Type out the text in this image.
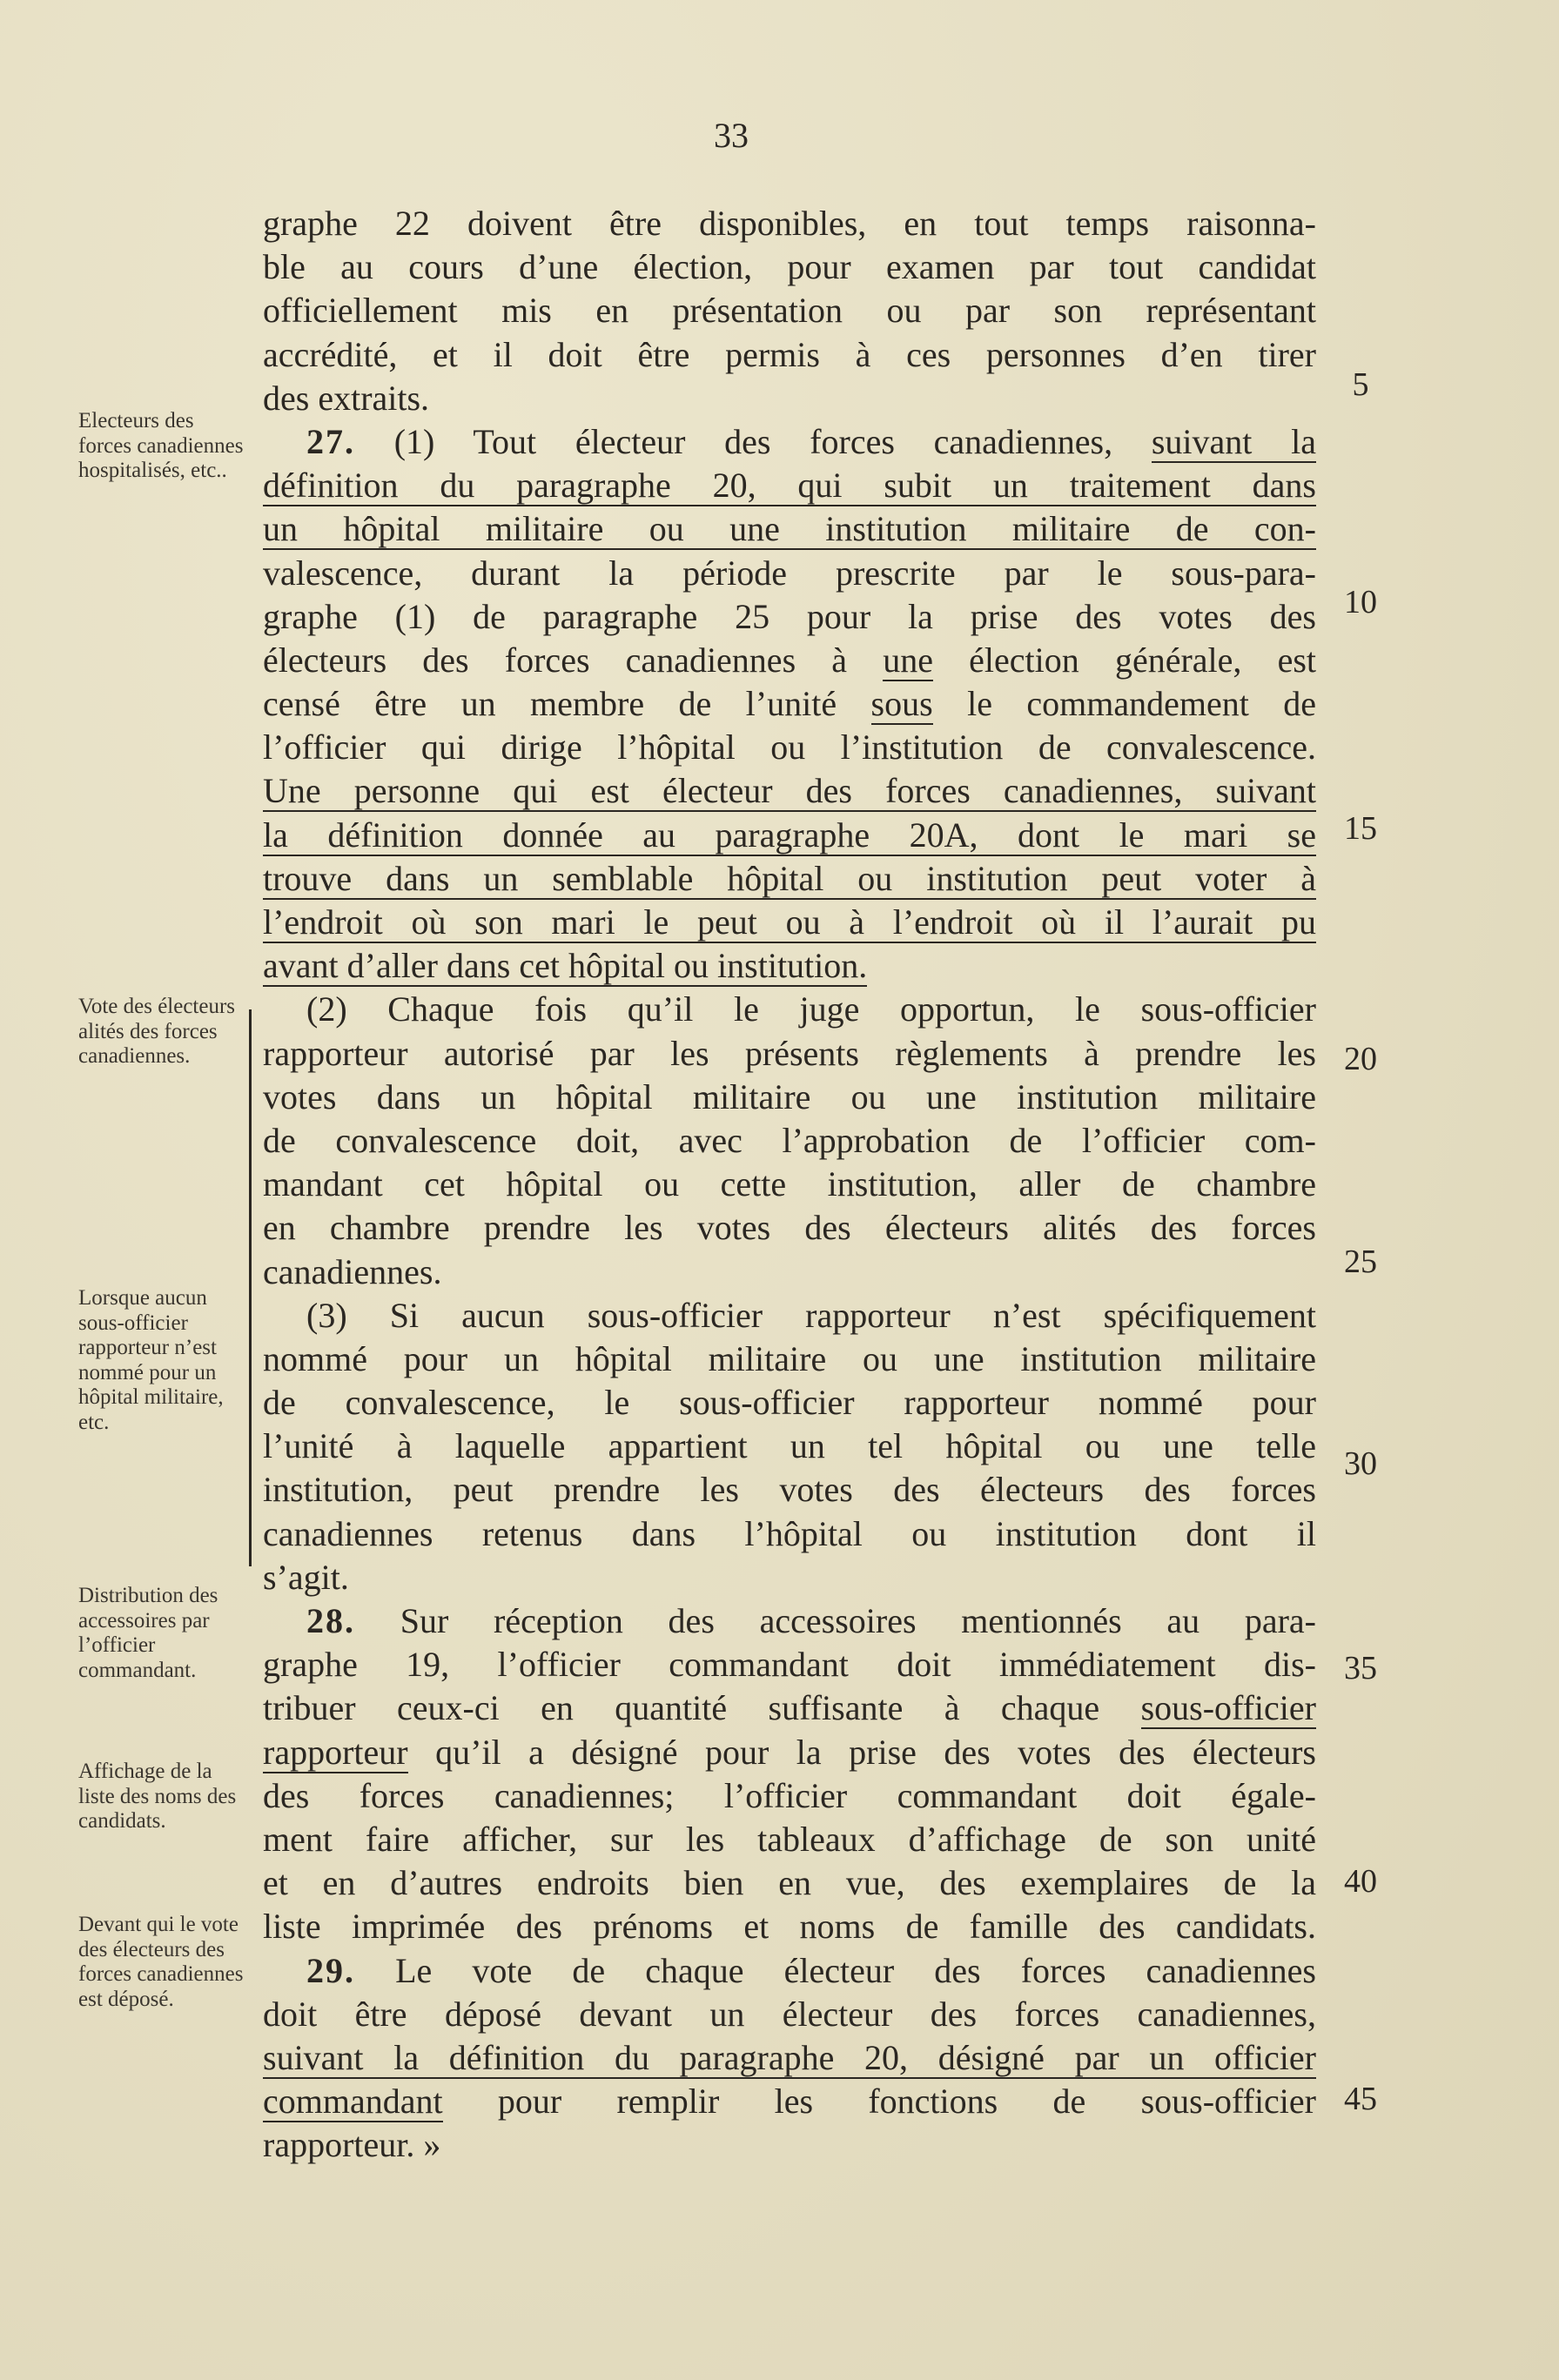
33
graphe 22 doivent être disponibles, en tout temps raisonna-
ble au cours d’une élection, pour examen par tout candidat
officiellement mis en présentation ou par son représentant
accrédité, et il doit être permis à ces personnes d’en tirer
des extraits.
27. (1) Tout électeur des forces canadiennes, suivant la
définition du paragraphe 20, qui subit un traitement dans
un hôpital militaire ou une institution militaire de con-
valescence, durant la période prescrite par le sous-para-
graphe (1) de paragraphe 25 pour la prise des votes des
électeurs des forces canadiennes à une élection générale, est
censé être un membre de l’unité sous le commandement de
l’officier qui dirige l’hôpital ou l’institution de convalescence.
Une personne qui est électeur des forces canadiennes, suivant
la définition donnée au paragraphe 20A, dont le mari se
trouve dans un semblable hôpital ou institution peut voter à
l’endroit où son mari le peut ou à l’endroit où il l’aurait pu
avant d’aller dans cet hôpital ou institution.
(2) Chaque fois qu’il le juge opportun, le sous-officier
rapporteur autorisé par les présents règlements à prendre les
votes dans un hôpital militaire ou une institution militaire
de convalescence doit, avec l’approbation de l’officier com-
mandant cet hôpital ou cette institution, aller de chambre
en chambre prendre les votes des électeurs alités des forces
canadiennes.
(3) Si aucun sous-officier rapporteur n’est spécifiquement
nommé pour un hôpital militaire ou une institution militaire
de convalescence, le sous-officier rapporteur nommé pour
l’unité à laquelle appartient un tel hôpital ou une telle
institution, peut prendre les votes des électeurs des forces
canadiennes retenus dans l’hôpital ou institution dont il
s’agit.
28. Sur réception des accessoires mentionnés au para-
graphe 19, l’officier commandant doit immédiatement dis-
tribuer ceux-ci en quantité suffisante à chaque sous-officier
rapporteur qu’il a désigné pour la prise des votes des électeurs
des forces canadiennes; l’officier commandant doit égale-
ment faire afficher, sur les tableaux d’affichage de son unité
et en d’autres endroits bien en vue, des exemplaires de la
liste imprimée des prénoms et noms de famille des candidats.
29. Le vote de chaque électeur des forces canadiennes
doit être déposé devant un électeur des forces canadiennes,
suivant la définition du paragraphe 20, désigné par un officier
commandant pour remplir les fonctions de sous-officier
rapporteur. »
5
10
15
20
25
30
35
40
45
Electeurs des forces canadiennes hospitalisés, etc..
Vote des électeurs alités des forces canadiennes.
Lorsque aucun sous-officier rapporteur n’est nommé pour un hôpital militaire, etc.
Distribution des accessoires par l’officier commandant.
Affichage de la liste des noms des candidats.
Devant qui le vote des électeurs des forces canadiennes est déposé.
